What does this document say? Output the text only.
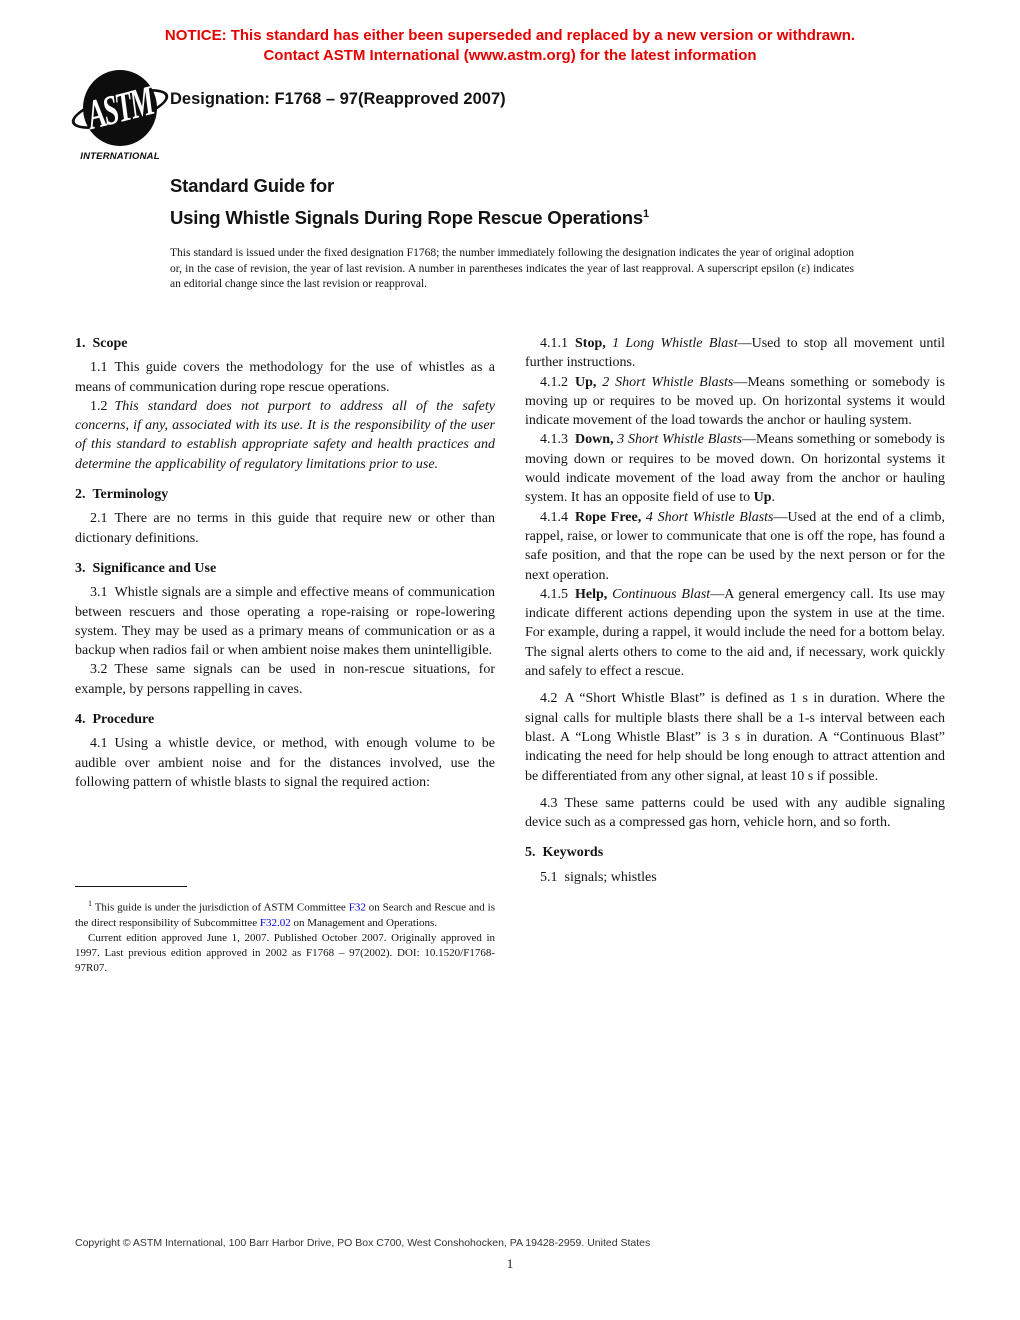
NOTICE: This standard has either been superseded and replaced by a new version or withdrawn.
Contact ASTM International (www.astm.org) for the latest information
ASTM
INTERNATIONAL
Designation: F1768 – 97(Reapproved 2007)
Standard Guide for
Using Whistle Signals During Rope Rescue Operations$^1$
This standard is issued under the fixed designation F1768; the number immediately following the designation indicates the year of original adoption or, in the case of revision, the year of last revision. A number in parentheses indicates the year of last reapproval. A superscript epsilon (ε) indicates an editorial change since the last revision or reapproval.
1. Scope

1.1 This guide covers the methodology for the use of whistles as a means of communication during rope rescue operations.

1.2 This standard does not purport to address all of the safety concerns, if any, associated with its use. It is the responsibility of the user of this standard to establish appropriate safety and health practices and determine the applicability of regulatory limitations prior to use.

2. Terminology

2.1 There are no terms in this guide that require new or other than dictionary definitions.

3. Significance and Use

3.1 Whistle signals are a simple and effective means of communication between rescuers and those operating a rope-raising or rope-lowering system. They may be used as a primary means of communication or as a backup when radios fail or when ambient noise makes them unintelligible.

3.2 These same signals can be used in non-rescue situations, for example, by persons rappelling in caves.

4. Procedure

4.1 Using a whistle device, or method, with enough volume to be audible over ambient noise and for the distances involved, use the following pattern of whistle blasts to signal the required action:

4.1.1 Stop, 1 Long Whistle Blast—Used to stop all movement until further instructions.

4.1.2 Up, 2 Short Whistle Blasts—Means something or somebody is moving up or requires to be moved up. On horizontal systems it would indicate movement of the load towards the anchor or hauling system.

4.1.3 Down, 3 Short Whistle Blasts—Means something or somebody is moving down or requires to be moved down. On horizontal systems it would indicate movement of the load away from the anchor or hauling system. It has an opposite field of use to Up.

4.1.4 Rope Free, 4 Short Whistle Blasts—Used at the end of a climb, rappel, raise, or lower to communicate that one is off the rope, has found a safe position, and that the rope can be used by the next person or for the next operation.

4.1.5 Help, Continuous Blast—A general emergency call. Its use may indicate different actions depending upon the system in use at the time. For example, during a rappel, it would include the need for a bottom belay. The signal alerts others to come to the aid and, if necessary, work quickly and safely to effect a rescue.

4.2 A “Short Whistle Blast” is defined as 1 s in duration. Where the signal calls for multiple blasts there shall be a 1-s interval between each blast. A “Long Whistle Blast” is 3 s in duration. A “Continuous Blast” indicating the need for help should be long enough to attract attention and be differentiated from any other signal, at least 10 s if possible.

4.3 These same patterns could be used with any audible signaling device such as a compressed gas horn, vehicle horn, and so forth.

5. Keywords

5.1 signals; whistles

$^1$ This guide is under the jurisdiction of ASTM Committee F32 on Search and Rescue and is the direct responsibility of Subcommittee F32.02 on Management and Operations.

Current edition approved June 1, 2007. Published October 2007. Originally approved in 1997. Last previous edition approved in 2002 as F1768 – 97(2002). DOI: 10.1520/F1768-97R07.

Copyright © ASTM International, 100 Barr Harbor Drive, PO Box C700, West Conshohocken, PA 19428-2959. United States
1
